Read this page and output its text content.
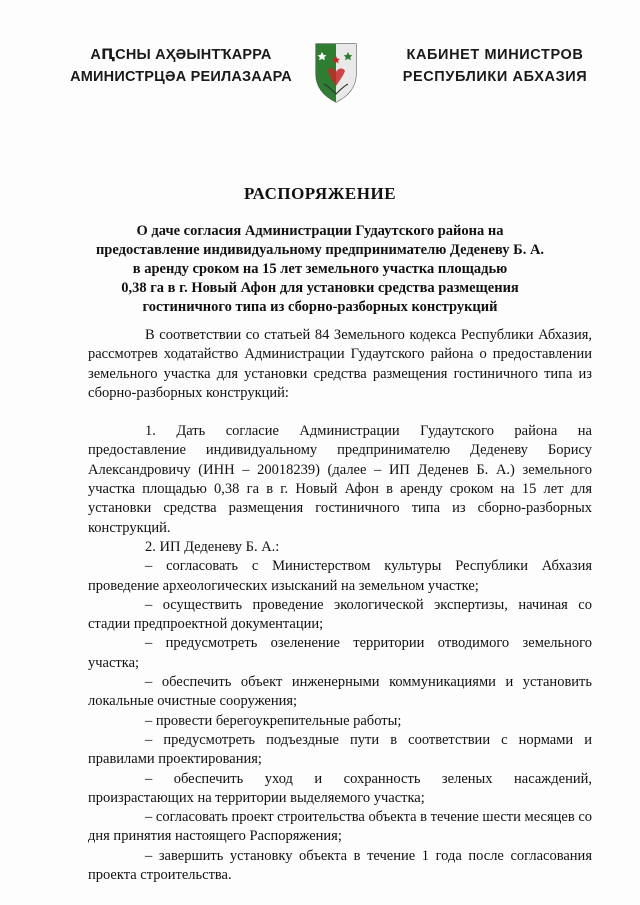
АԤСНЫ АҲӘЫНТҠАРРА
АМИНИСТРЦӘА РЕИЛАЗААРА
КАБИНЕТ МИНИСТРОВ
РЕСПУБЛИКИ АБХАЗИЯ
РАСПОРЯЖЕНИЕ
О даче согласия Администрации Гудаутского района на
предоставление индивидуальному предпринимателю Деденеву Б. А.
в аренду сроком на 15 лет земельного участка площадью
0,38 га в г. Новый Афон для установки средства размещения
гостиничного типа из сборно-разборных конструкций

В соответствии со статьей 84 Земельного кодекса Республики Абхазия, рассмотрев ходатайство Администрации Гудаутского района о предоставлении земельного участка для установки средства размещения гостиничного типа из сборно-разборных конструкций:

1. Дать согласие Администрации Гудаутского района на предоставление индивидуальному предпринимателю Деденеву Борису Александровичу (ИНН – 20018239) (далее – ИП Деденев Б. А.) земельного участка площадью 0,38 га в г. Новый Афон в аренду сроком на 15 лет для установки средства размещения гостиничного типа из сборно-разборных конструкций.

2. ИП Деденеву Б. А.:

– согласовать с Министерством культуры Республики Абхазия проведение археологических изысканий на земельном участке;

– осуществить проведение экологической экспертизы, начиная со стадии предпроектной документации;

– предусмотреть озеленение территории отводимого земельного участка;

– обеспечить объект инженерными коммуникациями и установить локальные очистные сооружения;

– провести берегоукрепительные работы;

– предусмотреть подъездные пути в соответствии с нормами и правилами проектирования;

– обеспечить уход и сохранность зеленых насаждений, произрастающих на территории выделяемого участка;

– согласовать проект строительства объекта в течение шести месяцев со дня принятия настоящего Распоряжения;

– завершить установку объекта в течение 1 года после согласования проекта строительства.
